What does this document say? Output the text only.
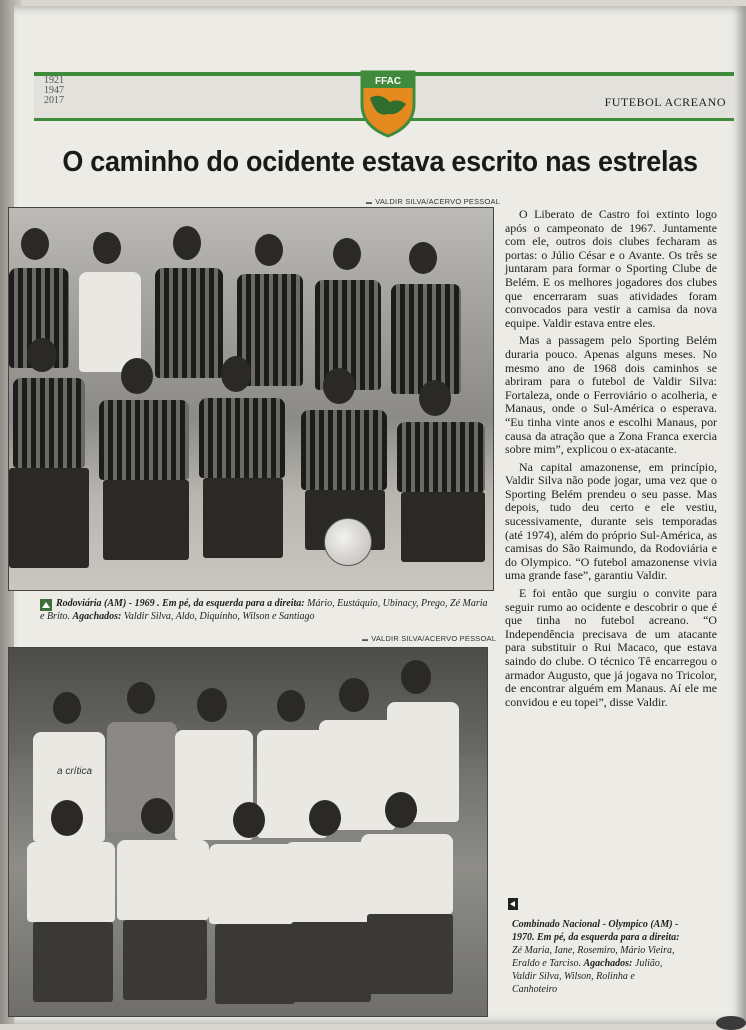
1921
1947
2017
FFAC
FUTEBOL ACREANO
O caminho do ocidente estava escrito nas estrelas
▬ VALDIR SILVA/ACERVO PESSOAL
Rodoviária (AM) - 1969 . Em pé, da esquerda para a direita: Mário, Eustáquio, Ubinacy, Prego, Zé Maria e Brito. Agachados: Valdir Silva, Aldo, Diquinho, Wilson e Santiago
▬ VALDIR SILVA/ACERVO PESSOAL
a crítica
Combinado Nacional - Olympico (AM) - 1970. Em pé, da esquerda para a direita: Zé Maria, Iane, Rosemiro, Mário Vieira, Eraldo e Tarciso. Agachados: Julião, Valdir Silva, Wilson, Rolinha e Canhoteiro

O Liberato de Castro foi extinto logo após o campeonato de 1967. Juntamente com ele, outros dois clubes fecharam as portas: o Júlio César e o Avante. Os três se juntaram para formar o Sporting Clube de Belém. E os melhores jogadores dos clubes que encerraram suas atividades foram convocados para vestir a camisa da nova equipe. Valdir estava entre eles.

Mas a passagem pelo Sporting Belém duraria pouco. Apenas alguns meses. No mesmo ano de 1968 dois caminhos se abriram para o futebol de Valdir Silva: Fortaleza, onde o Ferroviário o acolheria, e Manaus, onde o Sul-América o esperava. “Eu tinha vinte anos e escolhi Manaus, por causa da atração que a Zona Franca exercia sobre mim”, explicou o ex-atacante.

Na capital amazonense, em princípio, Valdir Silva não pode jogar, uma vez que o Sporting Belém prendeu o seu passe. Mas depois, tudo deu certo e ele vestiu, sucessivamente, durante seis temporadas (até 1974), além do próprio Sul-América, as camisas do São Raimundo, da Rodoviária e do Olympico. “O futebol amazonense vivia uma grande fase”, garantiu Valdir.

E foi então que surgiu o convite para seguir rumo ao ocidente e descobrir o que é que tinha no futebol acreano. “O Independência precisava de um atacante para substituir o Rui Macaco, que estava saindo do clube. O técnico Tê encarregou o armador Augusto, que já jogava no Tricolor, de encontrar alguém em Manaus. Aí ele me convidou e eu topei”, disse Valdir.
